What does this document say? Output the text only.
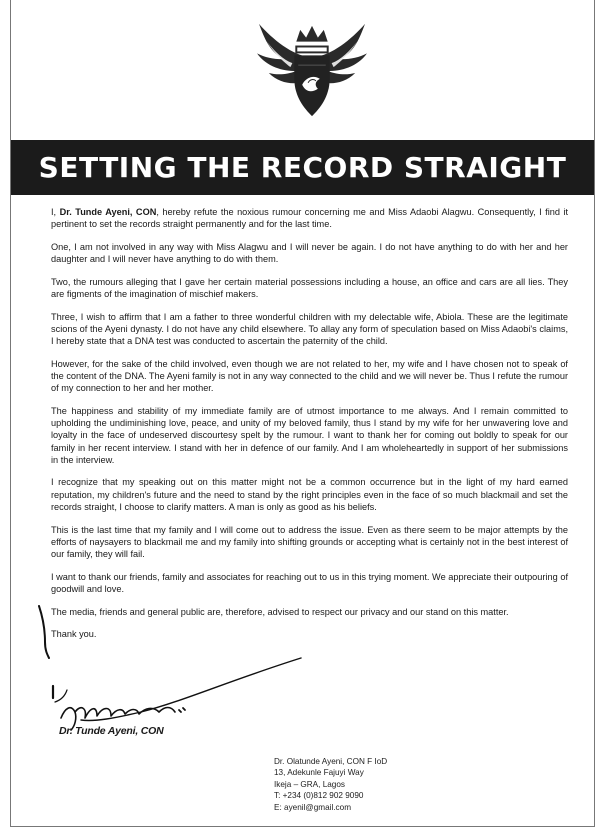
SETTING THE RECORD STRAIGHT

I, Dr. Tunde Ayeni, CON, hereby refute the noxious rumour concerning me and Miss Adaobi Alagwu. Consequently, I find it pertinent to set the records straight permanently and for the last time.

One, I am not involved in any way with Miss Alagwu and I will never be again. I do not have anything to do with her and her daughter and I will never have anything to do with them.

Two, the rumours alleging that I gave her certain material possessions including a house, an office and cars are all lies. They are figments of the imagination of mischief makers.

Three, I wish to affirm that I am a father to three wonderful children with my delectable wife, Abiola. These are the legitimate scions of the Ayeni dynasty. I do not have any child elsewhere. To allay any form of speculation based on Miss Adaobi's claims, I hereby state that a DNA test was conducted to ascertain the paternity of the child.

However, for the sake of the child involved, even though we are not related to her, my wife and I have chosen not to speak of the content of the DNA. The Ayeni family is not in any way connected to the child and we will never be. Thus I refute the rumour of my connection to her and her mother.

The happiness and stability of my immediate family are of utmost importance to me always. And I remain committed to upholding the undiminishing love, peace, and unity of my beloved family, thus I stand by my wife for her unwavering love and loyalty in the face of undeserved discourtesy spelt by the rumour. I want to thank her for coming out boldly to speak for our family in her recent interview. I stand with her in defence of our family. And I am wholeheartedly in support of her submissions in the interview.

I recognize that my speaking out on this matter might not be a common occurrence but in the light of my hard earned reputation, my children's future and the need to stand by the right principles even in the face of so much blackmail and set the records straight, I choose to clarify matters. A man is only as good as his beliefs.

This is the last time that my family and I will come out to address the issue. Even as there seem to be major attempts by the efforts of naysayers to blackmail me and my family into shifting grounds or accepting what is certainly not in the best interest of our family, they will fail.

I want to thank our friends, family and associates for reaching out to us in this trying moment. We appreciate their outpouring of goodwill and love.

The media, friends and general public are, therefore, advised to respect our privacy and our stand on this matter.

Thank you.

Dr. Tunde Ayeni, CON
Dr. Olatunde Ayeni, CON F IoD
13, Adekunle Fajuyi Way
Ikeja – GRA, Lagos
T: +234 (0)812 902 9090
E: ayenil@gmail.com
